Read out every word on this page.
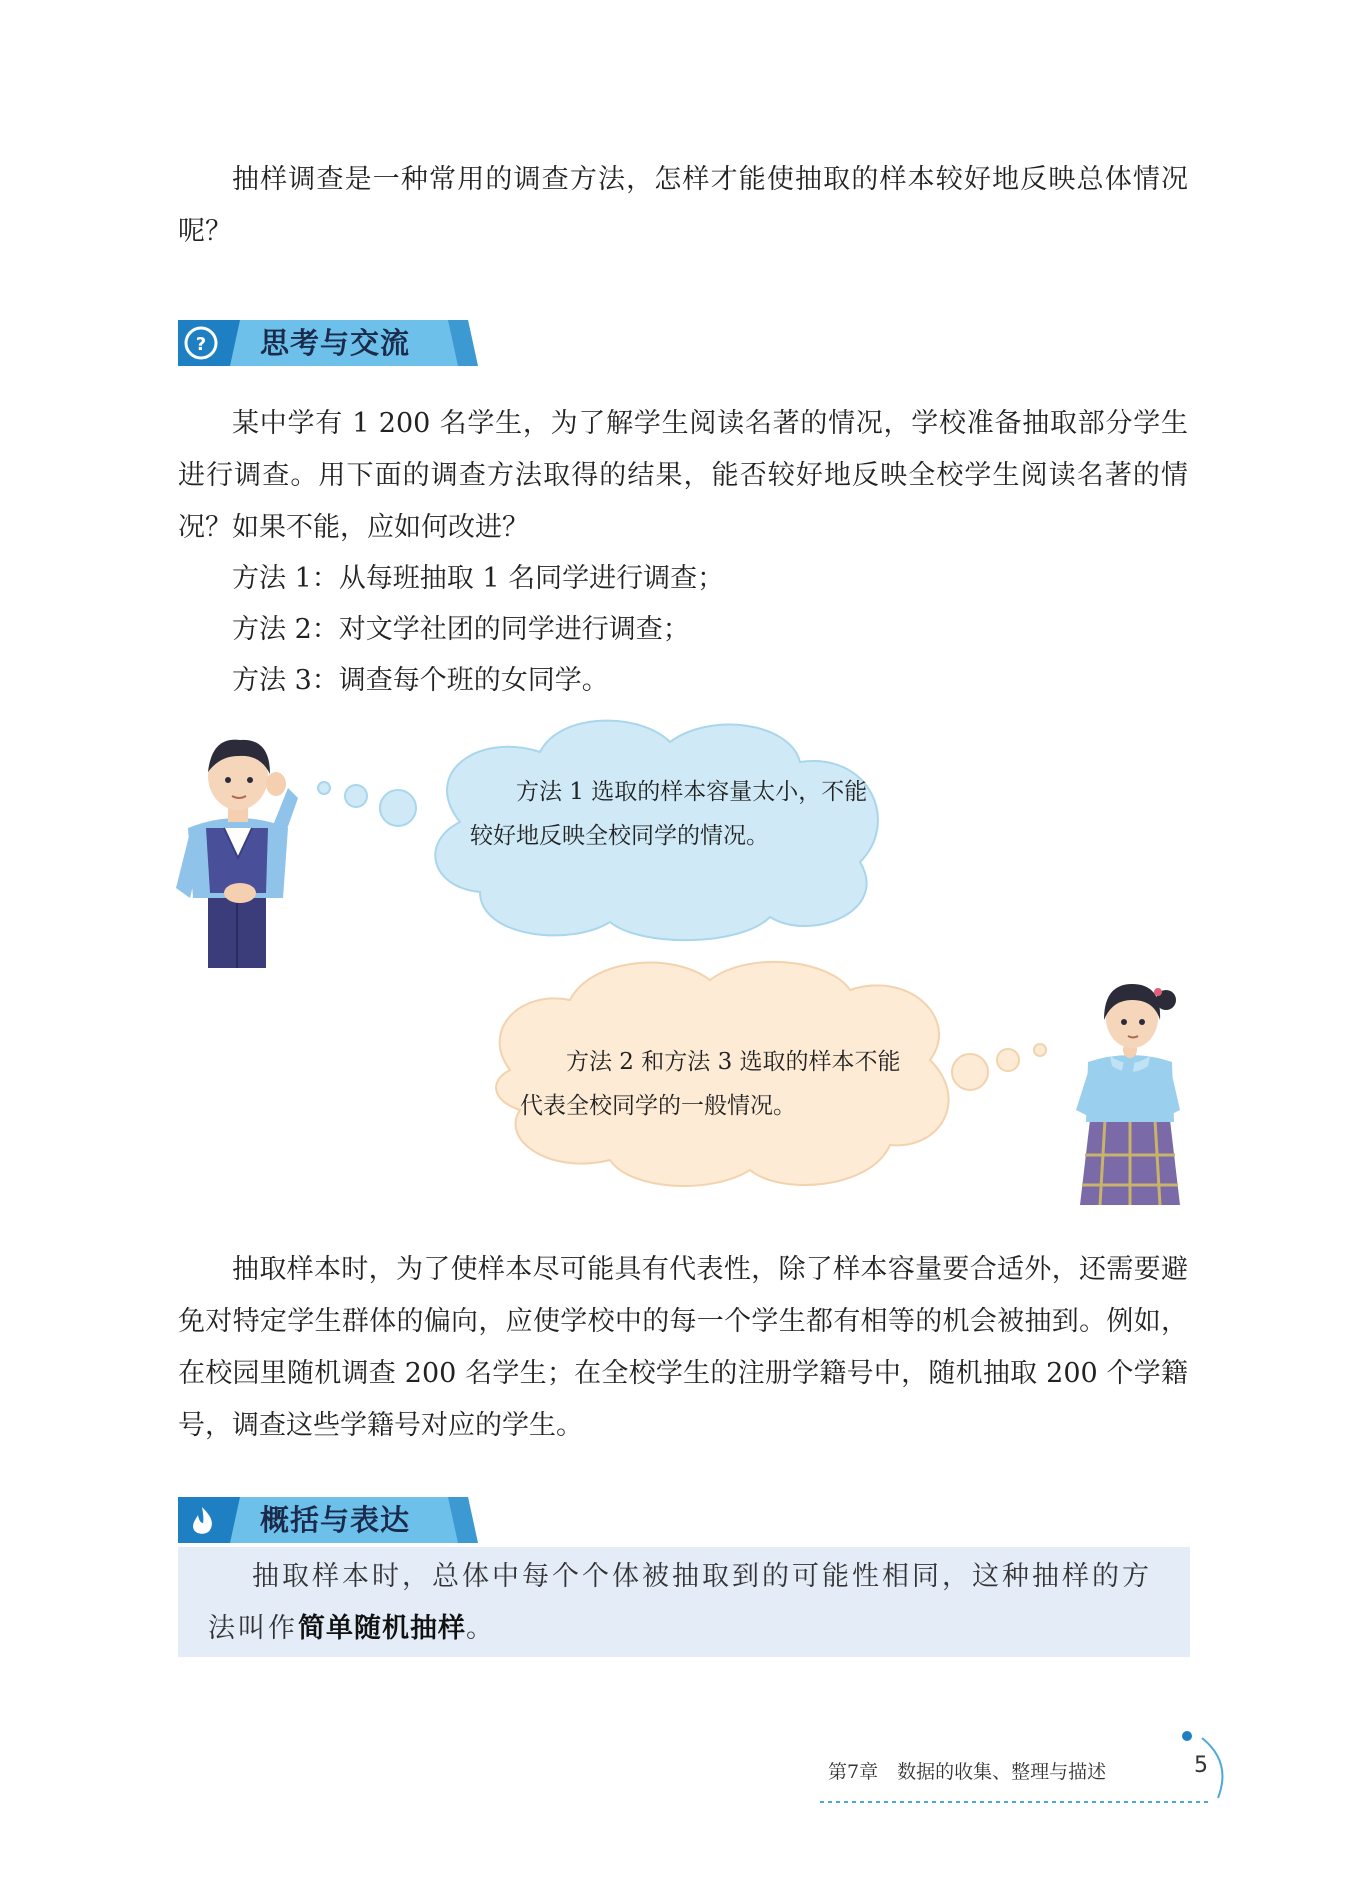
抽样调查是一种常用的调查方法，怎样才能使抽取的样本较好地反映总体情况呢？

? 思考与交流

某中学有 1 200 名学生，为了解学生阅读名著的情况，学校准备抽取部分学生进行调查。用下面的调查方法取得的结果，能否较好地反映全校学生阅读名著的情况？如果不能，应如何改进？

方法 1：从每班抽取 1 名同学进行调查；

方法 2：对文学社团的同学进行调查；

方法 3：调查每个班的女同学。

方法 1 选取的样本容量太小，不能较好地反映全校同学的情况。

方法 2 和方法 3 选取的样本不能代表全校同学的一般情况。

抽取样本时，为了使样本尽可能具有代表性，除了样本容量要合适外，还需要避免对特定学生群体的偏向，应使学校中的每一个学生都有相等的机会被抽到。例如，在校园里随机调查 200 名学生；在全校学生的注册学籍号中，随机抽取 200 个学籍号，调查这些学籍号对应的学生。

概括与表达

抽取样本时，总体中每个个体被抽取到的可能性相同，这种抽样的方法叫作简单随机抽样。

第7章　数据的收集、整理与描述	5
